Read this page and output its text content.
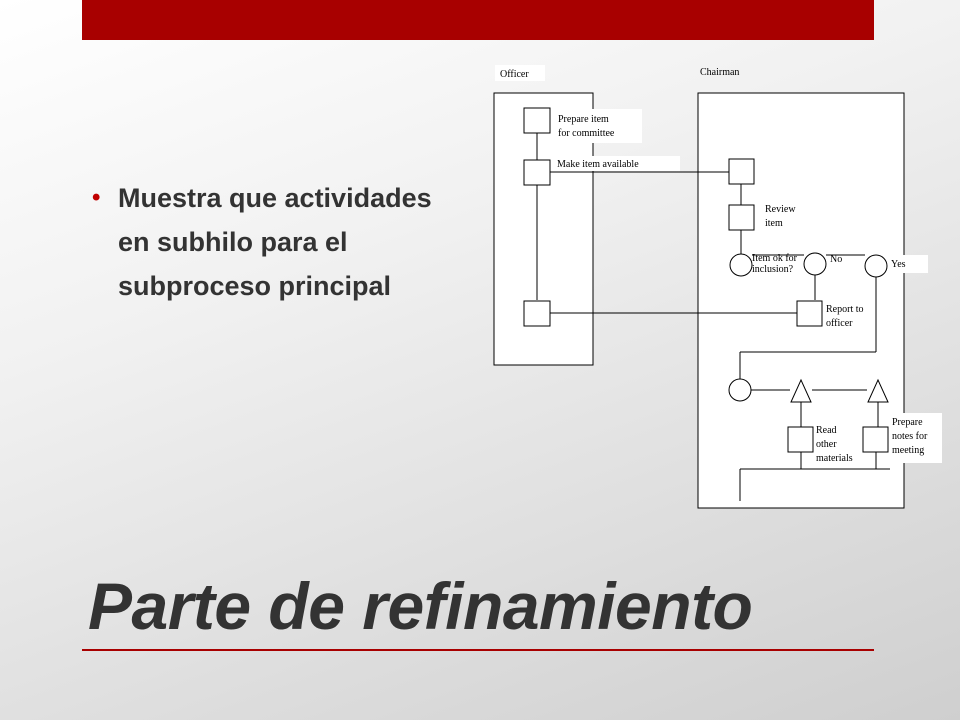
• Muestra que actividades en subhilo para el subproceso principal
Officer	Chairman
Prepare item
for committee
Make item available
Review
item
Item ok for
inclusion?
No	Yes
Report to
officer
Read
other
materials
Prepare
notes for
meeting
Parte de refinamiento
